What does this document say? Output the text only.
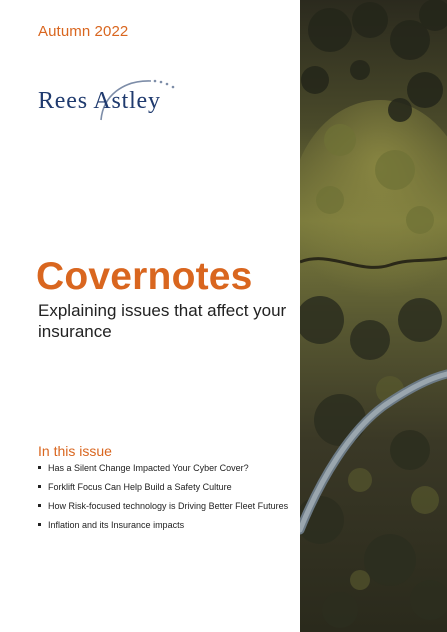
Autumn 2022
Rees Astley
Covernotes
Explaining issues that affect your insurance
In this issue
Has a Silent Change Impacted Your Cyber Cover?
Forklift Focus Can Help Build a Safety Culture
How Risk-focused technology is Driving Better Fleet Futures
Inflation and its Insurance impacts
